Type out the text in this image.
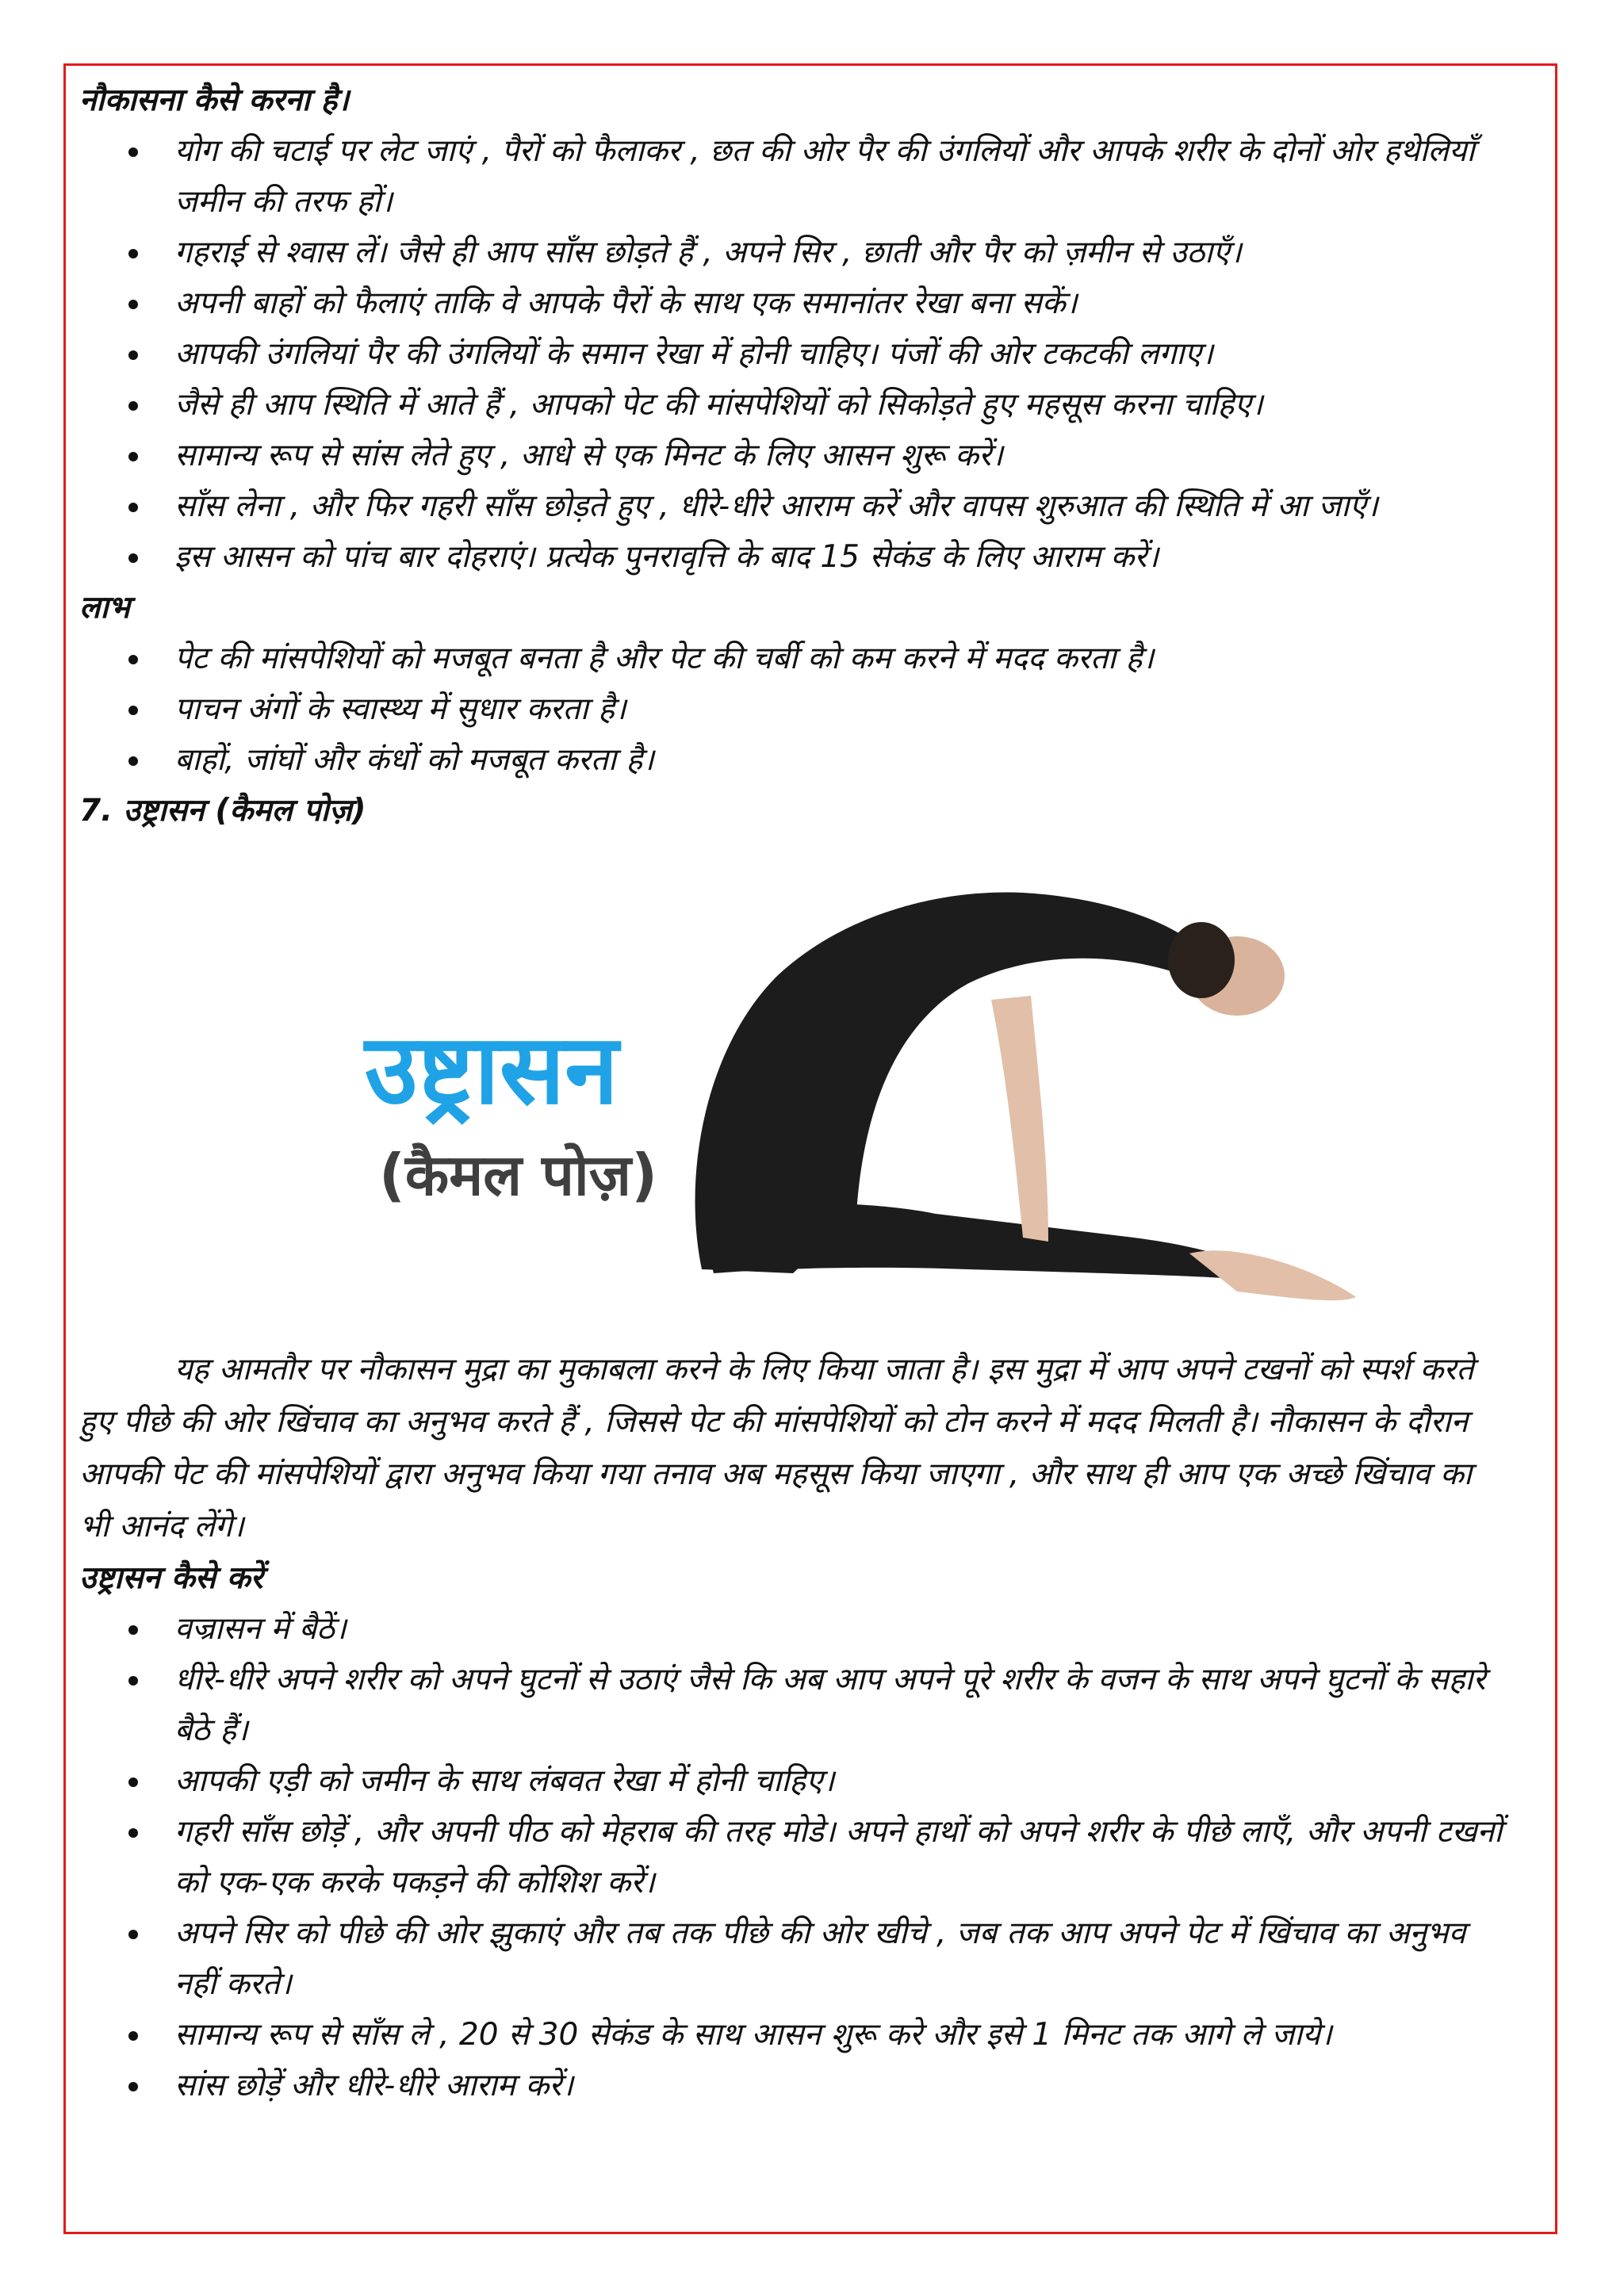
नौकासना कैसे करना है।
योग की चटाई पर लेट जाएं , पैरों को फैलाकर , छत की ओर पैर की उंगलियों और आपके शरीर के दोनों ओर हथेलियाँ जमीन की तरफ हों।
गहराई से श्वास लें। जैसे ही आप साँस छोड़ते हैं , अपने सिर , छाती और पैर को ज़मीन से उठाएँ।
अपनी बाहों को फैलाएं ताकि वे आपके पैरों के साथ एक समानांतर रेखा बना सकें।
आपकी उंगलियां पैर की उंगलियों के समान रेखा में होनी चाहिए। पंजों की ओर टकटकी लगाए।
जैसे ही आप स्थिति में आते हैं , आपको पेट की मांसपेशियों को सिकोड़ते हुए महसूस करना चाहिए।
सामान्य रूप से सांस लेते हुए , आधे से एक मिनट के लिए आसन शुरू करें।
साँस लेना , और फिर गहरी साँस छोड़ते हुए , धीरे-धीरे आराम करें और वापस शुरुआत की स्थिति में आ जाएँ।
इस आसन को पांच बार दोहराएं। प्रत्येक पुनरावृत्ति के बाद 15 सेकंड के लिए आराम करें।
लाभ
पेट की मांसपेशियों को मजबूत बनता है और पेट की चर्बी को कम करने में मदद करता है।
पाचन अंगों के स्वास्थ्य में सुधार करता है।
बाहों, जांघों और कंधों को मजबूत करता है।
7. उष्ट्रासन (कैमल पोज़)
उष्ट्रासन
(कैमल पोज़)
यह आमतौर पर नौकासन मुद्रा का मुकाबला करने के लिए किया जाता है। इस मुद्रा में आप अपने टखनों को स्पर्श करते हुए पीछे की ओर खिंचाव का अनुभव करते हैं , जिससे पेट की मांसपेशियों को टोन करने में मदद मिलती है। नौकासन के दौरान आपकी पेट की मांसपेशियों द्वारा अनुभव किया गया तनाव अब महसूस किया जाएगा , और साथ ही आप एक अच्छे खिंचाव का भी आनंद लेंगे।
उष्ट्रासन कैसे करें
वज्रासन में बैठें।
धीरे-धीरे अपने शरीर को अपने घुटनों से उठाएं जैसे कि अब आप अपने पूरे शरीर के वजन के साथ अपने घुटनों के सहारे बैठे हैं।
आपकी एड़ी को जमीन के साथ लंबवत रेखा में होनी चाहिए।
गहरी साँस छोड़ें , और अपनी पीठ को मेहराब की तरह मोडे। अपने हाथों को अपने शरीर के पीछे लाएँ, और अपनी टखनों को एक-एक करके पकड़ने की कोशिश करें।
अपने सिर को पीछे की ओर झुकाएं और तब तक पीछे की ओर खीचे , जब तक आप अपने पेट में खिंचाव का अनुभव नहीं करते।
सामान्य रूप से साँस ले , 20 से 30 सेकंड के साथ आसन शुरू करे और इसे 1 मिनट तक आगे ले जाये।
सांस छोड़ें और धीरे-धीरे आराम करें।
